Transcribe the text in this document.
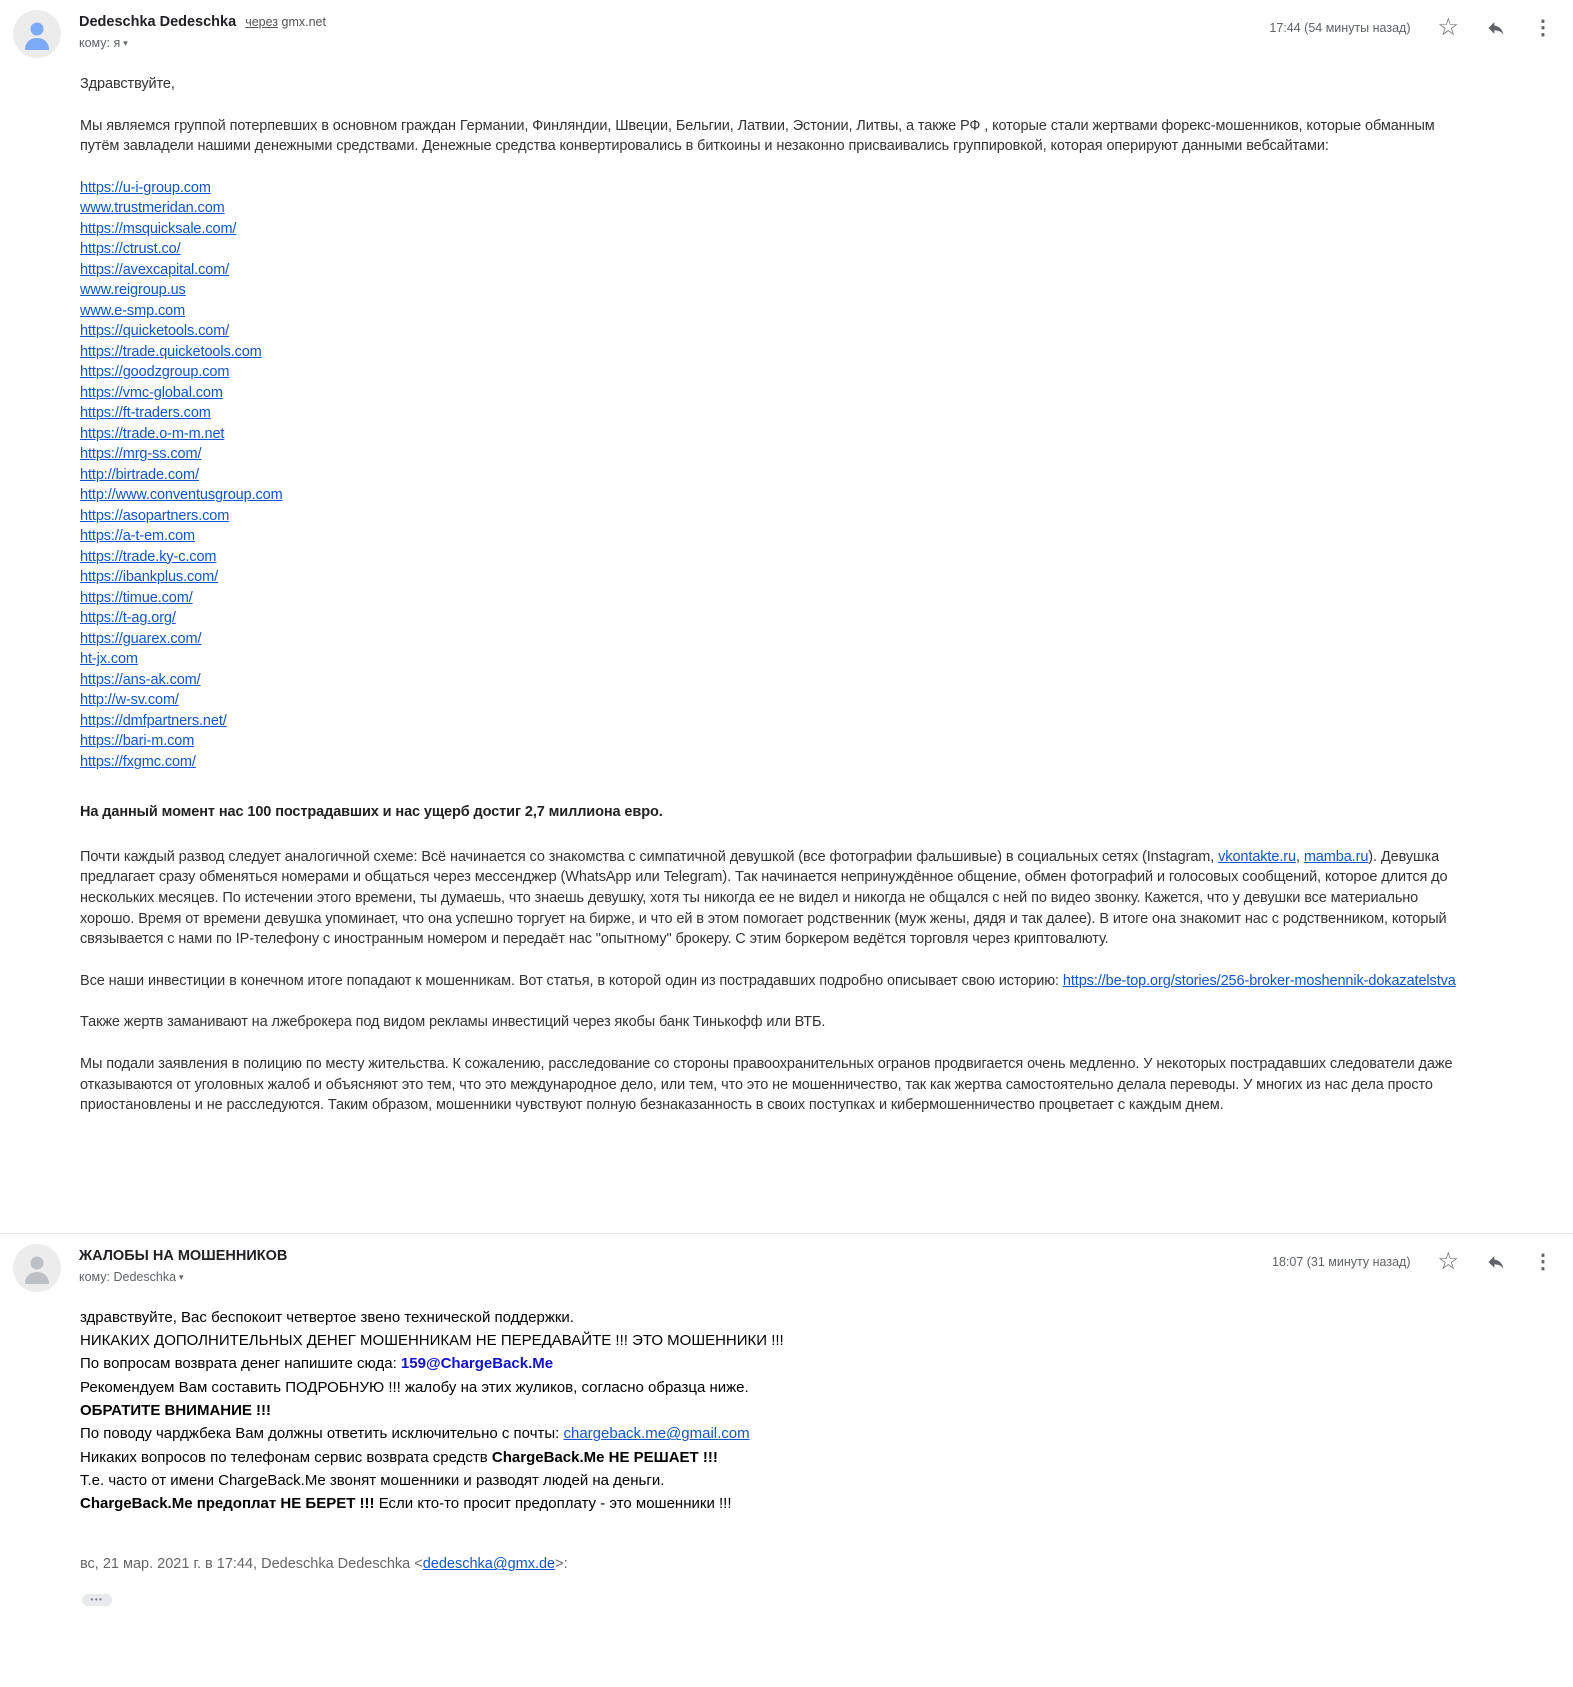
Dedeschka Dedeschka через gmx.net
кому: я ▾
17:44 (54 минуты назад) ☆	⋮

Здравствуйте,

Мы являемся группой потерпевших в основном граждан Германии, Финляндии, Швеции, Бельгии, Латвии, Эстонии, Литвы, а также РФ , которые стали жертвами форекс-мошенников, которые обманным путём завладели нашими денежными средствами. Денежные средства конвертировались в биткоины и незаконно присваивались группировкой, которая оперируют данными вебсайтами:

https://u-i-group.com
www.trustmeridan.com
https://msquicksale.com/
https://ctrust.co/
https://avexcapital.com/
www.reigroup.us
www.e-smp.com
https://quicketools.com/
https://trade.quicketools.com
https://goodzgroup.com
https://vmc-global.com
https://ft-traders.com
https://trade.o-m-m.net
https://mrg-ss.com/
http://birtrade.com/
http://www.conventusgroup.com
https://asopartners.com
https://a-t-em.com
https://trade.ky-c.com
https://ibankplus.com/
https://timue.com/
https://t-ag.org/
https://guarex.com/
ht-jx.com
https://ans-ak.com/
http://w-sv.com/
https://dmfpartners.net/
https://bari-m.com
https://fxgmc.com/

На данный момент нас 100 пострадавших и нас ущерб достиг 2,7 миллиона евро.

Почти каждый развод следует аналогичной схеме: Всё начинается со знакомства с симпатичной девушкой (все фотографии фальшивые) в социальных сетях (Instagram, vkontakte.ru, mamba.ru). Девушка предлагает сразу обменяться номерами и общаться через мессенджер (WhatsApp или Telegram). Так начинается непринуждённое общение, обмен фотографий и голосовых сообщений, которое длится до нескольких месяцев. По истечении этого времени, ты думаешь, что знаешь девушку, хотя ты никогда ее не видел и никогда не общался с ней по видео звонку. Кажется, что у девушки все материально хорошо. Время от времени девушка упоминает, что она успешно торгует на бирже, и что ей в этом помогает родственник (муж жены, дядя и так далее). В итоге она знакомит нас с родственником, который связывается с нами по IP-телефону с иностранным номером и передаёт нас "опытному" брокеру. С этим боркером ведётся торговля через криптовалюту.

Все наши инвестиции в конечном итоге попадают к мошенникам. Вот статья, в которой один из пострадавших подробно описывает свою историю: https://be-top.org/stories/256-broker-moshennik-dokazatelstva

Также жертв заманивают на лжеброкера под видом рекламы инвестиций через якобы банк Тинькофф или ВТБ.

Мы подали заявления в полицию по месту жительства. К сожалению, расследование со стороны правоохранительных огранов продвигается очень медленно. У некоторых пострадавших следователи даже отказываются от уголовных жалоб и объясняют это тем, что это международное дело, или тем, что это не мошенничество, так как жертва самостоятельно делала переводы. У многих из нас дела просто приостановлены и не расследуются. Таким образом, мошенники чувствуют полную безнаказанность в своих поступках и кибермошенничество процветает с каждым днем.

ЖАЛОБЫ НА МОШЕННИКОВ
кому: Dedeschka ▾
18:07 (31 минуту назад) ☆	⋮
здравствуйте, Вас беспокоит четвертое звено технической поддержки.
НИКАКИХ ДОПОЛНИТЕЛЬНЫХ ДЕНЕГ МОШЕННИКАМ НЕ ПЕРЕДАВАЙТЕ !!! ЭТО МОШЕННИКИ !!!
По вопросам возврата денег напишите сюда: 159@ChargeBack.Me
Рекомендуем Вам составить ПОДРОБНУЮ !!! жалобу на этих жуликов, согласно образца ниже.
ОБРАТИТЕ ВНИМАНИЕ !!!
По поводу чарджбека Вам должны ответить исключительно с почты: chargeback.me@gmail.com
Никаких вопросов по телефонам сервис возврата средств ChargeBack.Me НЕ РЕШАЕТ !!!
Т.е. часто от имени ChargeBack.Me звонят мошенники и разводят людей на деньги.
ChargeBack.Me предоплат НЕ БЕРЕТ !!! Если кто-то просит предоплату - это мошенники !!!
вс, 21 мар. 2021 г. в 17:44, Dedeschka Dedeschka <dedeschka@gmx.de>:
•••
